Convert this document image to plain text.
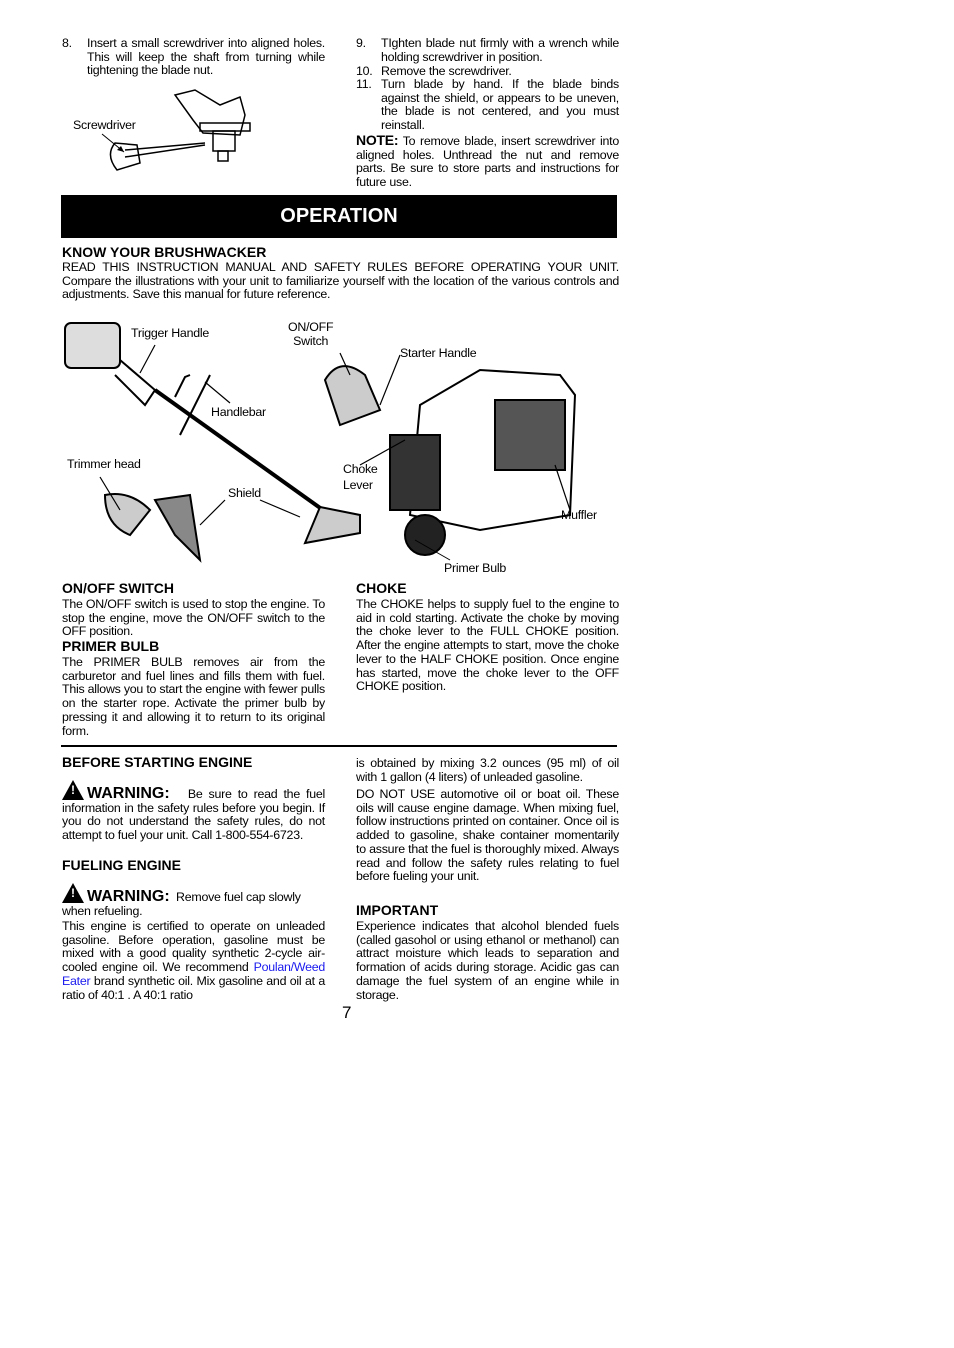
8. Insert a small screwdriver into aligned holes. This will keep the shaft from turning while tightening the blade nut.
Screwdriver
9. TIghten blade nut firmly with a wrench while holding screwdriver in position.
10. Remove the screwdriver.
11. Turn blade by hand. If the blade binds against the shield, or appears to be uneven, the blade is not centered, and you must reinstall.
NOTE: To remove blade, insert screwdriver into aligned holes. Unthread the nut and remove parts. Be sure to store parts and instructions for future use.
OPERATION
KNOW YOUR BRUSHWACKER
READ THIS INSTRUCTION MANUAL AND SAFETY RULES BEFORE OPERATING YOUR UNIT. Compare the illustrations with your unit to familiarize yourself with the location of the various controls and adjustments. Save this manual for future reference.
Trigger Handle	ON/OFF
Switch
Starter Handle
Handlebar
Trimmer head
Shield
Choke
Lever
Muffler
Primer Bulb
ON/OFF SWITCH
The ON/OFF switch is used to stop the engine. To stop the engine, move the ON/OFF switch to the OFF position.
PRIMER BULB
The PRIMER BULB removes air from the carburetor and fuel lines and fills them with fuel. This allows you to start the engine with fewer pulls on the starter rope. Activate the primer bulb by pressing it and allowing it to return to its original form.
CHOKE
The CHOKE helps to supply fuel to the engine to aid in cold starting. Activate the choke by moving the choke lever to the FULL CHOKE position. After the engine attempts to start, move the choke lever to the HALF CHOKE position. Once engine has started, move the choke lever to the OFF CHOKE position.
BEFORE STARTING ENGINE
!WARNING: Be sure to read the fuel information in the safety rules before you begin. If you do not understand the safety rules, do not attempt to fuel your unit. Call 1-800-554-6723.
FUELING ENGINE
!WARNING: Remove fuel cap slowly when refueling.
This engine is certified to operate on unleaded gasoline. Before operation, gasoline must be mixed with a good quality synthetic 2-cycle air-cooled engine oil. We recommend Poulan/Weed Eater brand synthetic oil. Mix gasoline and oil at a ratio of 40:1 . A 40:1 ratio
is obtained by mixing 3.2 ounces (95 ml) of oil with 1 gallon (4 liters) of unleaded gasoline.
DO NOT USE automotive oil or boat oil. These oils will cause engine damage. When mixing fuel, follow instructions printed on container. Once oil is added to gasoline, shake container momentarily to assure that the fuel is thoroughly mixed. Always read and follow the safety rules relating to fuel before fueling your unit.
IMPORTANT
Experience indicates that alcohol blended fuels (called gasohol or using ethanol or methanol) can attract moisture which leads to separation and formation of acids during storage. Acidic gas can damage the fuel system of an engine while in storage.
7
